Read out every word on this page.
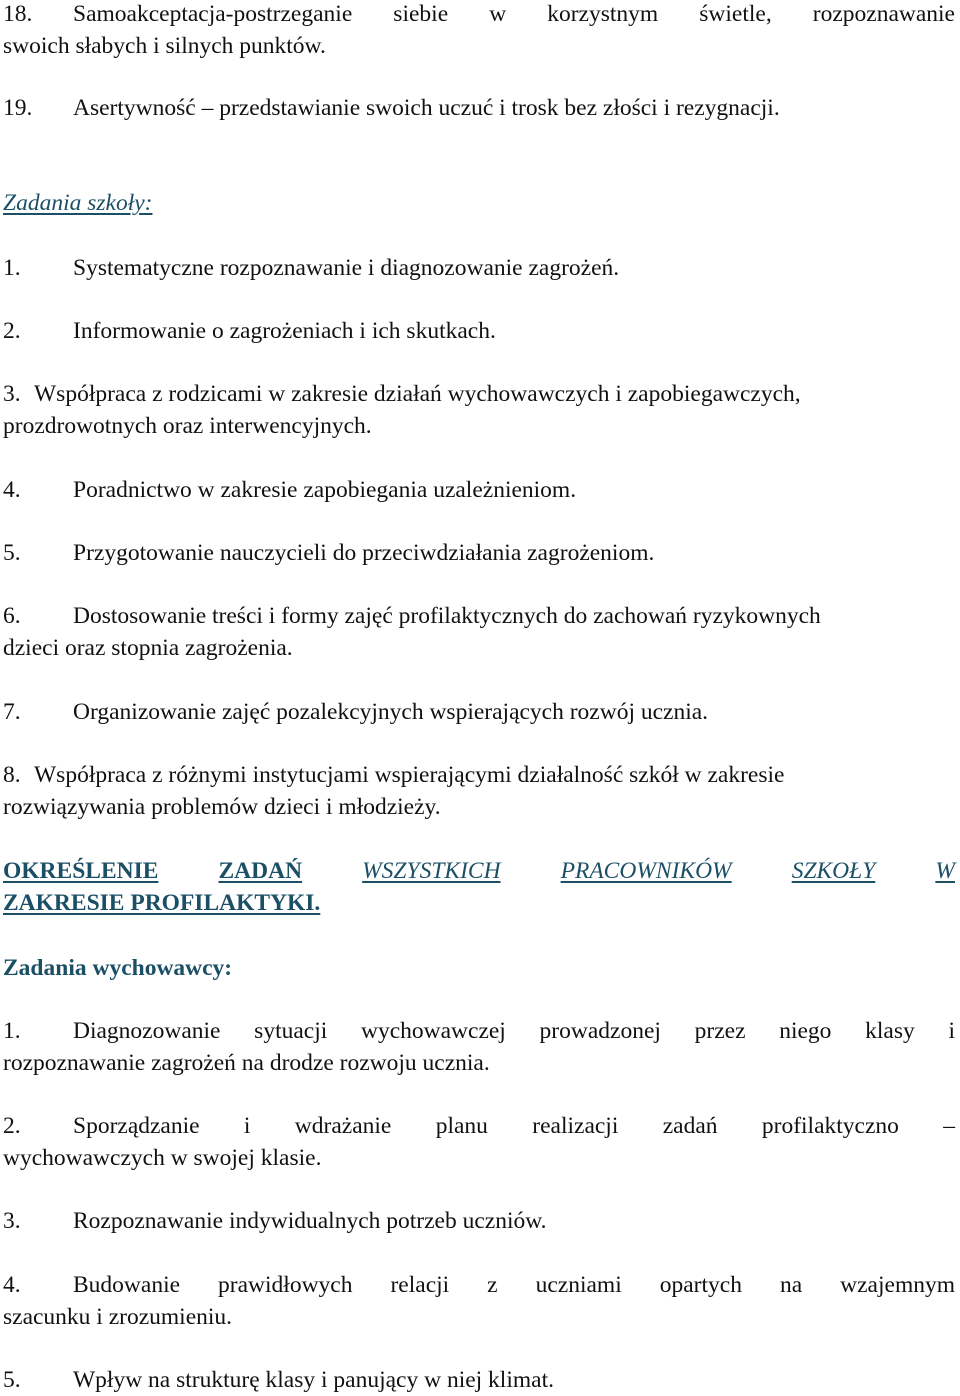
18.	Samoakceptacja-postrzeganie siebie w korzystnym świetle, rozpoznawanie
swoich słabych i silnych punktów.
19.	Asertywność – przedstawianie swoich uczuć i trosk bez złości i rezygnacji.
Zadania szkoły:
1.	Systematyczne rozpoznawanie i diagnozowanie zagrożeń.
2.	Informowanie o zagrożeniach i ich skutkach.
3. Współpraca z rodzicami w zakresie działań wychowawczych i zapobiegawczych,
prozdrowotnych oraz interwencyjnych.
4.	Poradnictwo w zakresie zapobiegania uzależnieniom.
5.	Przygotowanie nauczycieli do przeciwdziałania zagrożeniom.
6.	Dostosowanie treści i formy zajęć profilaktycznych do zachowań ryzykownych
dzieci oraz stopnia zagrożenia.
7.	Organizowanie zajęć pozalekcyjnych wspierających rozwój ucznia.
8. Współpraca z różnymi instytucjami wspierającymi działalność szkół w zakresie
rozwiązywania problemów dzieci i młodzieży.
OKREŚLENIE	ZADAŃ	WSZYSTKICH	PRACOWNIKÓW	SZKOŁY	W
ZAKRESIE PROFILAKTYKI.
Zadania wychowawcy:
1.	Diagnozowanie sytuacji wychowawczej prowadzonej przez niego klasy i
rozpoznawanie zagrożeń na drodze rozwoju ucznia.
2.	Sporządzanie i wdrażanie planu realizacji zadań profilaktyczno –
wychowawczych w swojej klasie.
3.	Rozpoznawanie indywidualnych potrzeb uczniów.
4.	Budowanie prawidłowych relacji z uczniami opartych na wzajemnym
szacunku i zrozumieniu.
5.	Wpływ na strukturę klasy i panujący w niej klimat.
